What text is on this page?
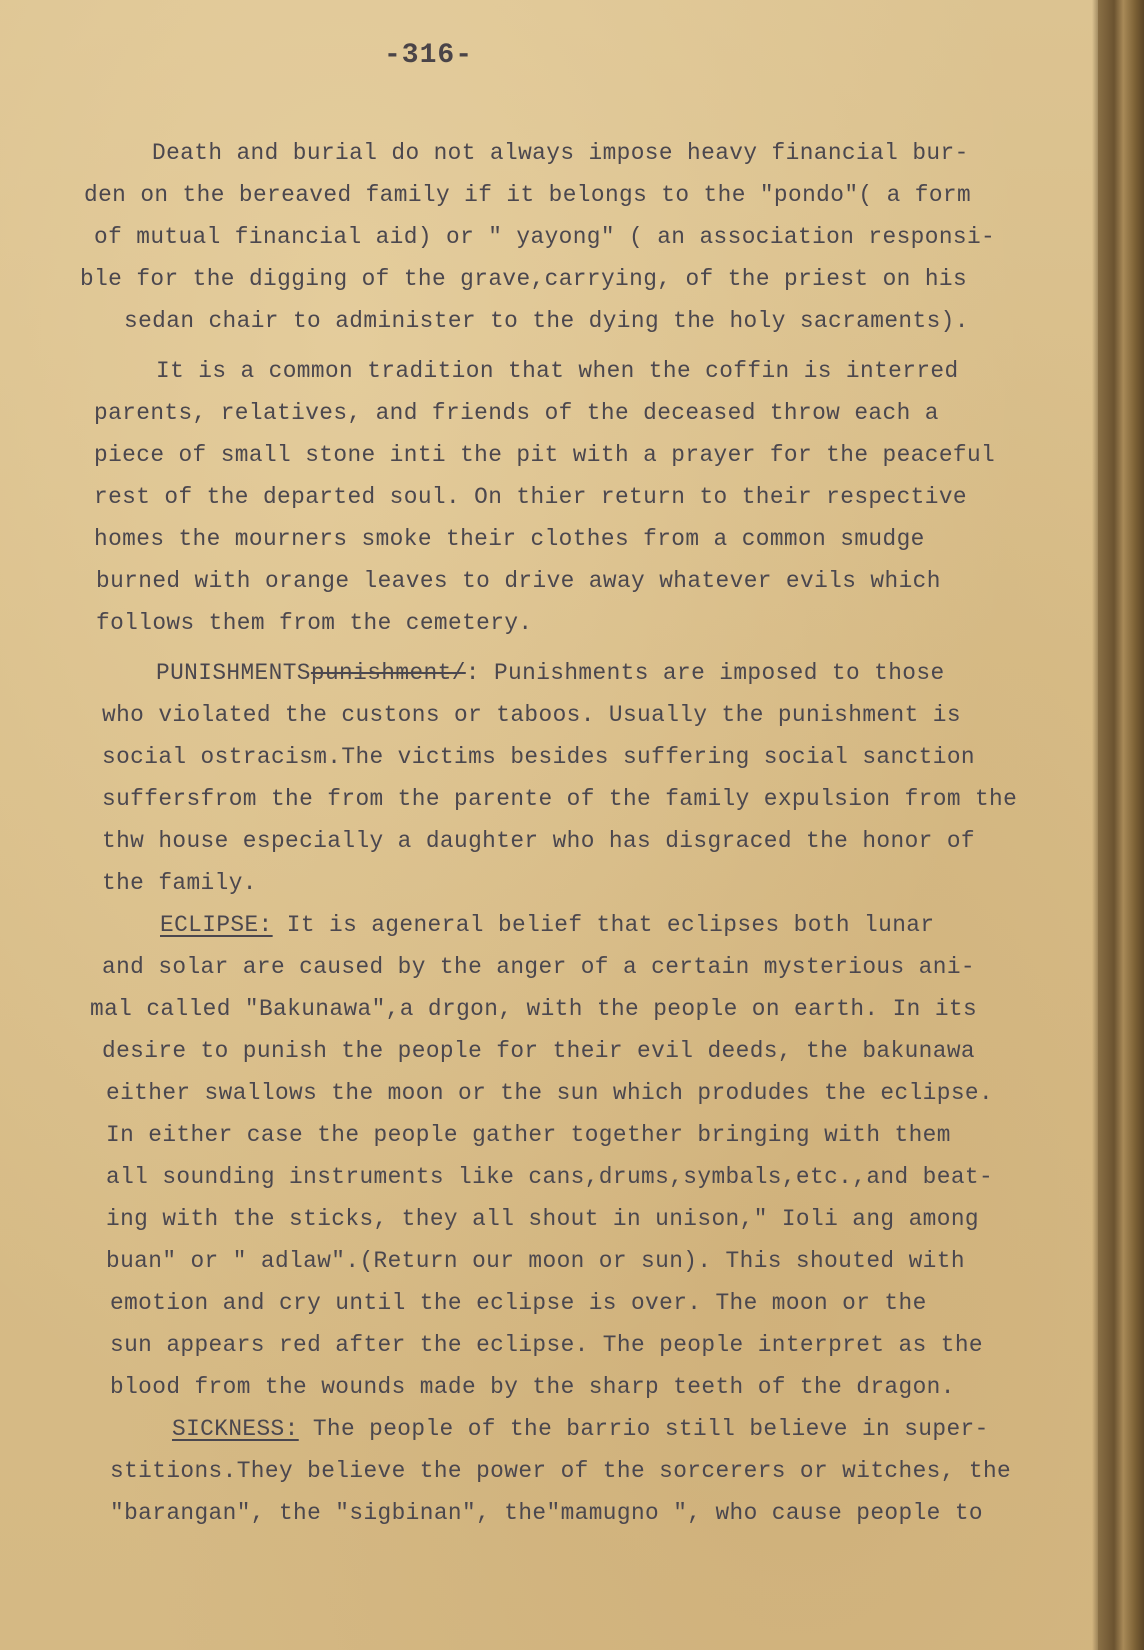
-316-
Death and burial do not always impose heavy financial bur-
den on the bereaved family if it belongs to the "pondo"( a form
of mutual financial aid) or " yayong" ( an association responsi-
ble for the digging of the grave,carrying, of the priest on his
sedan chair to administer to the dying the holy sacraments).
It is a common tradition that when the coffin is interred
parents, relatives, and friends of the deceased throw each a
piece of small stone inti the pit with a prayer for the peaceful
rest of the departed soul. On thier return to their respective
homes the mourners smoke their clothes from a common smudge
burned with orange leaves to drive away whatever evils which
follows them from the cemetery.
PUNISHMENTSpunishment/: Punishments are imposed to those
who violated the custons or taboos. Usually the punishment is
social ostracism.The victims besides suffering social sanction
suffersfrom the from the parente of the family expulsion from the
thw house especially a daughter who has disgraced the honor of
the family.
ECLIPSE: It is ageneral belief that eclipses both lunar
and solar are caused by the anger of a certain mysterious ani-
mal called "Bakunawa",a drgon, with the people on earth. In its
desire to punish the people for their evil deeds, the bakunawa
either swallows the moon or the sun which produdes the eclipse.
In either case the people gather together bringing with them
all sounding instruments like cans,drums,symbals,etc.,and beat-
ing with the sticks, they all shout in unison," Ioli ang among
buan" or " adlaw".(Return our moon or sun). This shouted with
emotion and cry until the eclipse is over. The moon or the
sun appears red after the eclipse. The people interpret as the
blood from the wounds made by the sharp teeth of the dragon.
SICKNESS: The people of the barrio still believe in super-
stitions.They believe the power of the sorcerers or witches, the
"barangan", the "sigbinan", the"mamugno ", who cause people to
